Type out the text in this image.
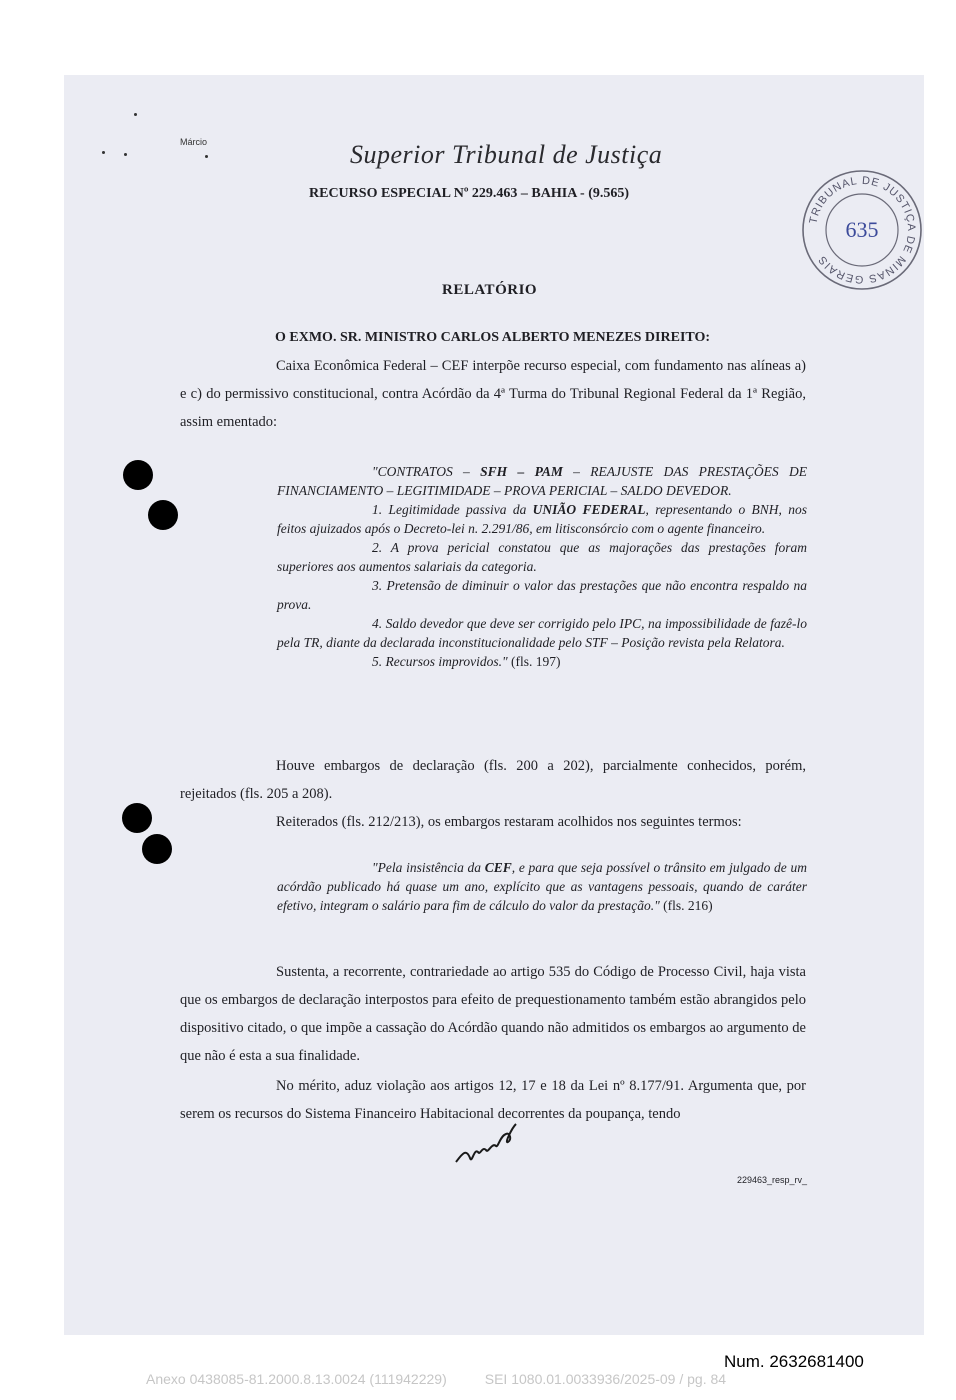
Márcio	Superior Tribunal de Justiça
RECURSO ESPECIAL Nº 229.463 – BAHIA - (9.565)
TRIBUNAL DE JUSTIÇA DE MINAS GERAIS
635
RELATÓRIO
O EXMO. SR. MINISTRO CARLOS ALBERTO MENEZES DIREITO:
Caixa Econômica Federal – CEF interpõe recurso especial, com fundamento nas alíneas a) e c) do permissivo constitucional, contra Acórdão da 4ª Turma do Tribunal Regional Federal da 1ª Região, assim ementado:
"CONTRATOS – SFH – PAM – REAJUSTE DAS PRESTAÇÕES DE FINANCIAMENTO – LEGITIMIDADE – PROVA PERICIAL – SALDO DEVEDOR.
1. Legitimidade passiva da UNIÃO FEDERAL, representando o BNH, nos feitos ajuizados após o Decreto-lei n. 2.291/86, em litisconsórcio com o agente financeiro.
2. A prova pericial constatou que as majorações das prestações foram superiores aos aumentos salariais da categoria.
3. Pretensão de diminuir o valor das prestações que não encontra respaldo na prova.
4. Saldo devedor que deve ser corrigido pelo IPC, na impossibilidade de fazê-lo pela TR, diante da declarada inconstitucionalidade pelo STF – Posição revista pela Relatora.
5. Recursos improvidos." (fls. 197)
Houve embargos de declaração (fls. 200 a 202), parcialmente conhecidos, porém, rejeitados (fls. 205 a 208).
Reiterados (fls. 212/213), os embargos restaram acolhidos nos seguintes termos:
"Pela insistência da CEF, e para que seja possível o trânsito em julgado de um acórdão publicado há quase um ano, explícito que as vantagens pessoais, quando de caráter efetivo, integram o salário para fim de cálculo do valor da prestação." (fls. 216)
Sustenta, a recorrente, contrariedade ao artigo 535 do Código de Processo Civil, haja vista que os embargos de declaração interpostos para efeito de prequestionamento também estão abrangidos pelo dispositivo citado, o que impõe a cassação do Acórdão quando não admitidos os embargos ao argumento de que não é esta a sua finalidade.
No mérito, aduz violação aos artigos 12, 17 e 18 da Lei nº 8.177/91. Argumenta que, por serem os recursos do Sistema Financeiro Habitacional decorrentes da poupança, tendo
229463_resp_rv_
Num. 2632681400
Anexo 0438085-81.2000.8.13.0024 (111942229)	SEI 1080.01.0033936/2025-09 / pg. 84
